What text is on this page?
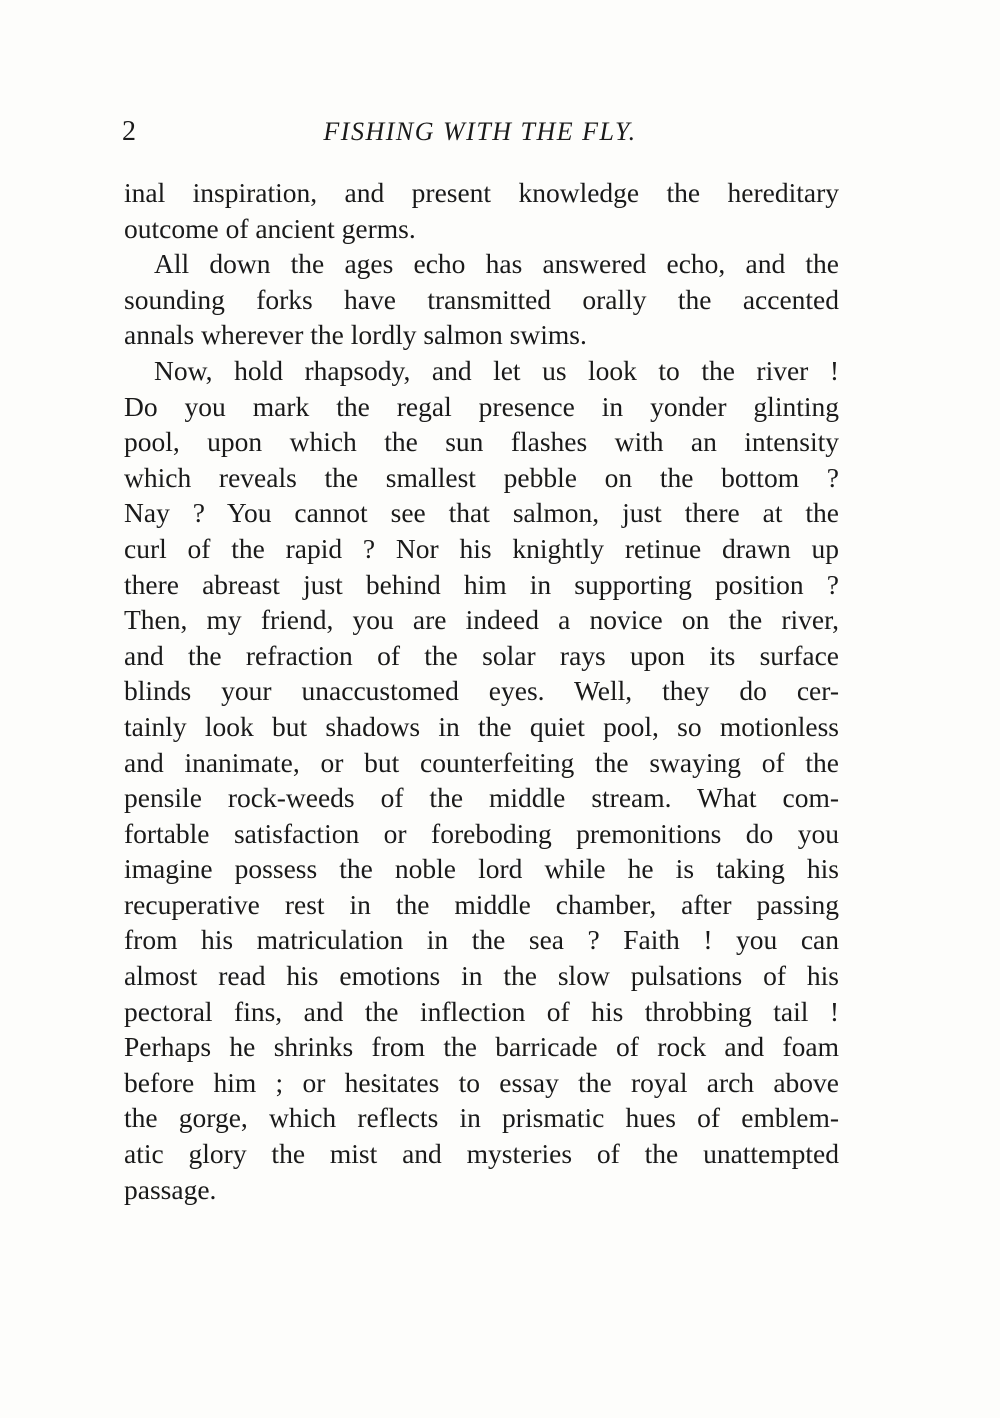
2	FISHING WITH THE FLY.
inal inspiration, and present knowledge the hereditary
outcome of ancient germs.
All down the ages echo has answered echo, and the
sounding forks have transmitted orally the accented
annals wherever the lordly salmon swims.
Now, hold rhapsody, and let us look to the river !
Do you mark the regal presence in yonder glinting
pool, upon which the sun flashes with an intensity
which reveals the smallest pebble on the bottom ?
Nay ? You cannot see that salmon, just there at the
curl of the rapid ? Nor his knightly retinue drawn up
there abreast just behind him in supporting position ?
Then, my friend, you are indeed a novice on the river,
and the refraction of the solar rays upon its surface
blinds your unaccustomed eyes. Well, they do cer-
tainly look but shadows in the quiet pool, so motionless
and inanimate, or but counterfeiting the swaying of the
pensile rock-weeds of the middle stream. What com-
fortable satisfaction or foreboding premonitions do you
imagine possess the noble lord while he is taking his
recuperative rest in the middle chamber, after passing
from his matriculation in the sea ? Faith ! you can
almost read his emotions in the slow pulsations of his
pectoral fins, and the inflection of his throbbing tail !
Perhaps he shrinks from the barricade of rock and foam
before him ; or hesitates to essay the royal arch above
the gorge, which reflects in prismatic hues of emblem-
atic glory the mist and mysteries of the unattempted
passage.
